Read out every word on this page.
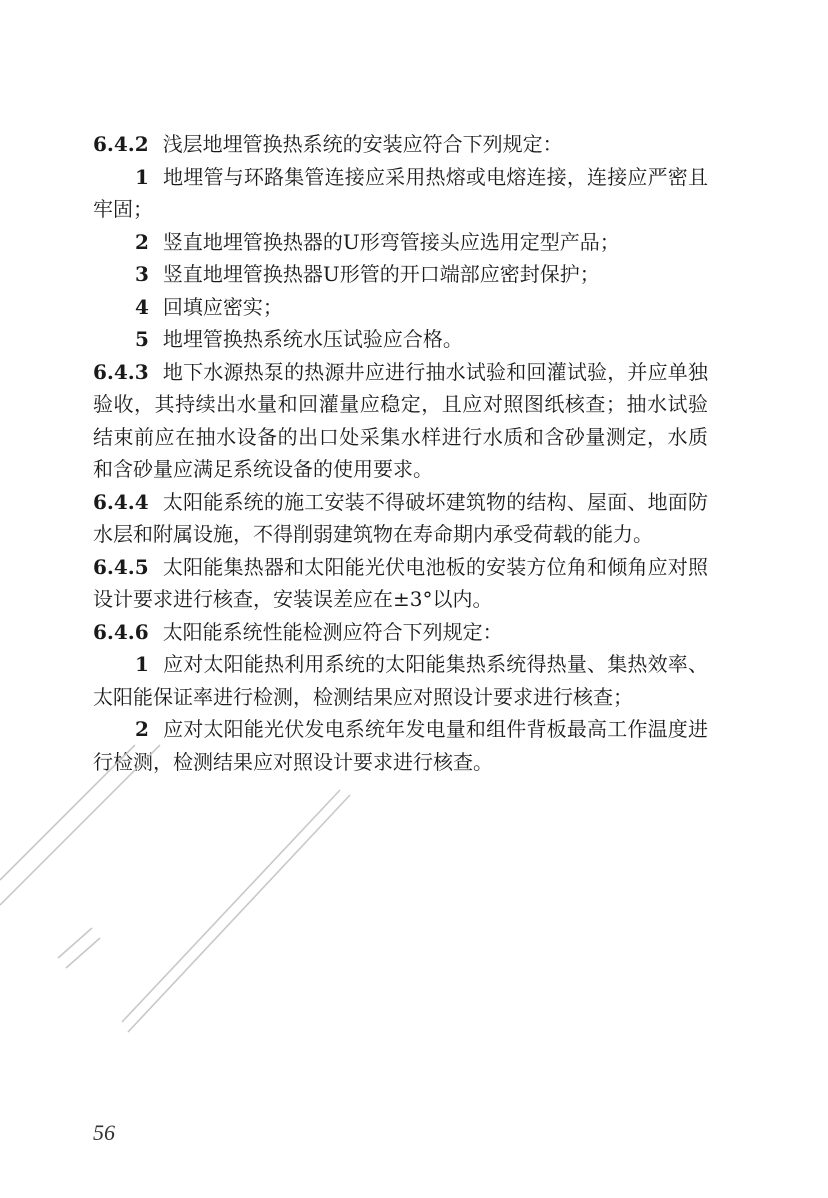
6.4.2 浅层地埋管换热系统的安装应符合下列规定：

1 地埋管与环路集管连接应采用热熔或电熔连接，连接应严密且牢固；

2 竖直地埋管换热器的U形弯管接头应选用定型产品；

3 竖直地埋管换热器U形管的开口端部应密封保护；

4 回填应密实；

5 地埋管换热系统水压试验应合格。

6.4.3 地下水源热泵的热源井应进行抽水试验和回灌试验，并应单独验收，其持续出水量和回灌量应稳定，且应对照图纸核查；抽水试验结束前应在抽水设备的出口处采集水样进行水质和含砂量测定，水质和含砂量应满足系统设备的使用要求。

6.4.4 太阳能系统的施工安装不得破坏建筑物的结构、屋面、地面防水层和附属设施，不得削弱建筑物在寿命期内承受荷载的能力。

6.4.5 太阳能集热器和太阳能光伏电池板的安装方位角和倾角应对照设计要求进行核查，安装误差应在±3°以内。

6.4.6 太阳能系统性能检测应符合下列规定：

1 应对太阳能热利用系统的太阳能集热系统得热量、集热效率、太阳能保证率进行检测，检测结果应对照设计要求进行核查；

2 应对太阳能光伏发电系统年发电量和组件背板最高工作温度进行检测，检测结果应对照设计要求进行核查。

56
